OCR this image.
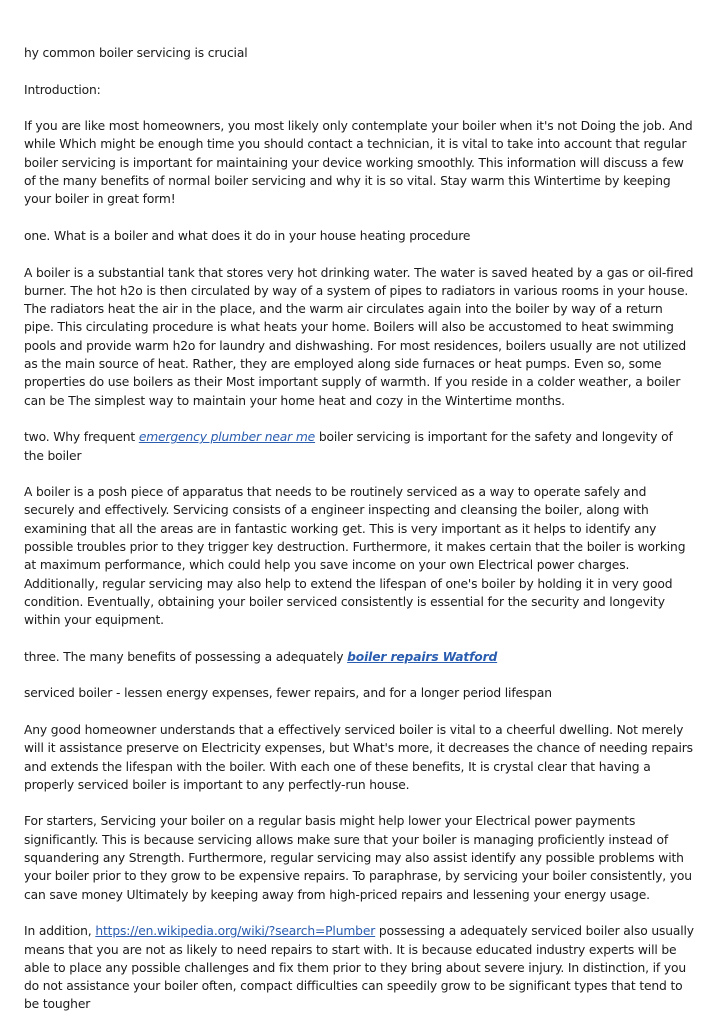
hy common boiler servicing is crucial

Introduction:

If you are like most homeowners, you most likely only contemplate your boiler when it's not Doing the job. And while Which might be enough time you should contact a technician, it is vital to take into account that regular boiler servicing is important for maintaining your device working smoothly. This information will discuss a few of the many benefits of normal boiler servicing and why it is so vital. Stay warm this Wintertime by keeping your boiler in great form!

one. What is a boiler and what does it do in your house heating procedure

A boiler is a substantial tank that stores very hot drinking water. The water is saved heated by a gas or oil-fired burner. The hot h2o is then circulated by way of a system of pipes to radiators in various rooms in your house. The radiators heat the air in the place, and the warm air circulates again into the boiler by way of a return pipe. This circulating procedure is what heats your home. Boilers will also be accustomed to heat swimming pools and provide warm h2o for laundry and dishwashing. For most residences, boilers usually are not utilized as the main source of heat. Rather, they are employed along side furnaces or heat pumps. Even so, some properties do use boilers as their Most important supply of warmth. If you reside in a colder weather, a boiler can be The simplest way to maintain your home heat and cozy in the Wintertime months.

two. Why frequent emergency plumber near me boiler servicing is important for the safety and longevity of the boiler

A boiler is a posh piece of apparatus that needs to be routinely serviced as a way to operate safely and securely and effectively. Servicing consists of a engineer inspecting and cleansing the boiler, along with examining that all the areas are in fantastic working get. This is very important as it helps to identify any possible troubles prior to they trigger key destruction. Furthermore, it makes certain that the boiler is working at maximum performance, which could help you save income on your own Electrical power charges. Additionally, regular servicing may also help to extend the lifespan of one's boiler by holding it in very good condition. Eventually, obtaining your boiler serviced consistently is essential for the security and longevity within your equipment.

three. The many benefits of possessing a adequately boiler repairs Watford

serviced boiler - lessen energy expenses, fewer repairs, and for a longer period lifespan

Any good homeowner understands that a effectively serviced boiler is vital to a cheerful dwelling. Not merely will it assistance preserve on Electricity expenses, but What's more, it decreases the chance of needing repairs and extends the lifespan with the boiler. With each one of these benefits, It is crystal clear that having a properly serviced boiler is important to any perfectly-run house.

For starters, Servicing your boiler on a regular basis might help lower your Electrical power payments significantly. This is because servicing allows make sure that your boiler is managing proficiently instead of squandering any Strength. Furthermore, regular servicing may also assist identify any possible problems with your boiler prior to they grow to be expensive repairs. To paraphrase, by servicing your boiler consistently, you can save money Ultimately by keeping away from high-priced repairs and lessening your energy usage.

In addition, https://en.wikipedia.org/wiki/?search=Plumber possessing a adequately serviced boiler also usually means that you are not as likely to need repairs to start with. It is because educated industry experts will be able to place any possible challenges and fix them prior to they bring about severe injury. In distinction, if you do not assistance your boiler often, compact difficulties can speedily grow to be significant types that tend to be tougher
